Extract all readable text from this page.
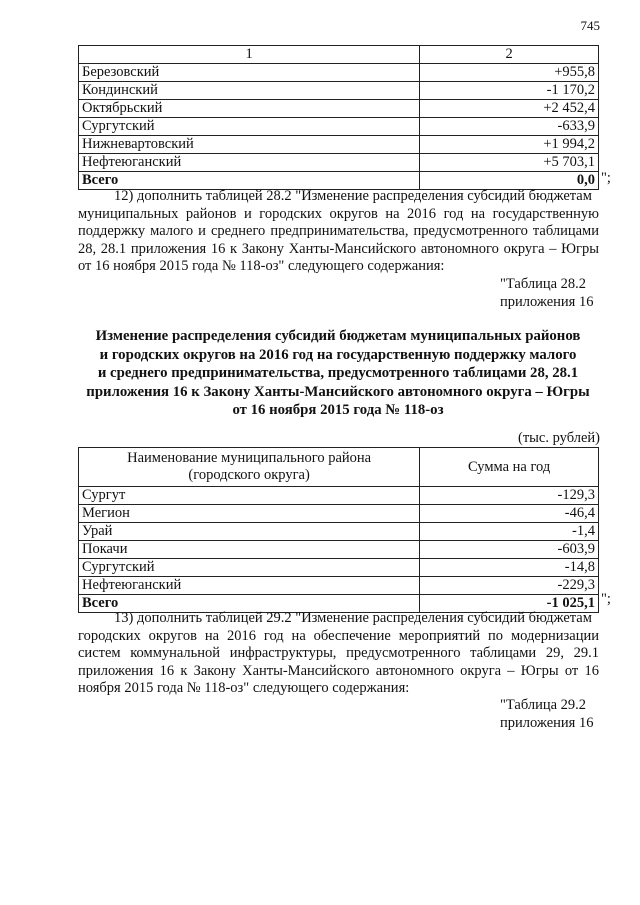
745
1	2
Березовский	+955,8
Кондинский	-1 170,2
Октябрьский	+2 452,4
Сургутский	-633,9
Нижневартовский	+1 994,2
Нефтеюганский	+5 703,1
Всего	0,0 ";
12) дополнить таблицей 28.2 "Изменение распределения субсидий бюджетам
муниципальных районов и городских округов на 2016 год на государственную поддержку малого и среднего предпринимательства, предусмотренного таблицами 28, 28.1 приложения 16 к Закону Ханты-Мансийского автономного округа – Югры от 16 ноября 2015 года № 118-оз" следующего содержания:
"Таблица 28.2
приложения 16
Изменение распределения субсидий бюджетам муниципальных районов
и городских округов на 2016 год на государственную поддержку малого
и среднего предпринимательства, предусмотренного таблицами 28, 28.1
приложения 16 к Закону Ханты-Мансийского автономного округа – Югры
от 16 ноября 2015 года № 118-оз
(тыс. рублей)
Наименование муниципального района
(городского округа)	Сумма на год
Сургут	-129,3
Мегион	-46,4
Урай	-1,4
Покачи	-603,9
Сургутский	-14,8
Нефтеюганский	-229,3
Всего	-1 025,1 ";
13) дополнить таблицей 29.2 "Изменение распределения субсидий бюджетам
городских округов на 2016 год на обеспечение мероприятий по модернизации систем коммунальной инфраструктуры, предусмотренного таблицами 29, 29.1 приложения 16 к Закону Ханты-Мансийского автономного округа – Югры от 16 ноября 2015 года № 118-оз" следующего содержания:
"Таблица 29.2
приложения 16
